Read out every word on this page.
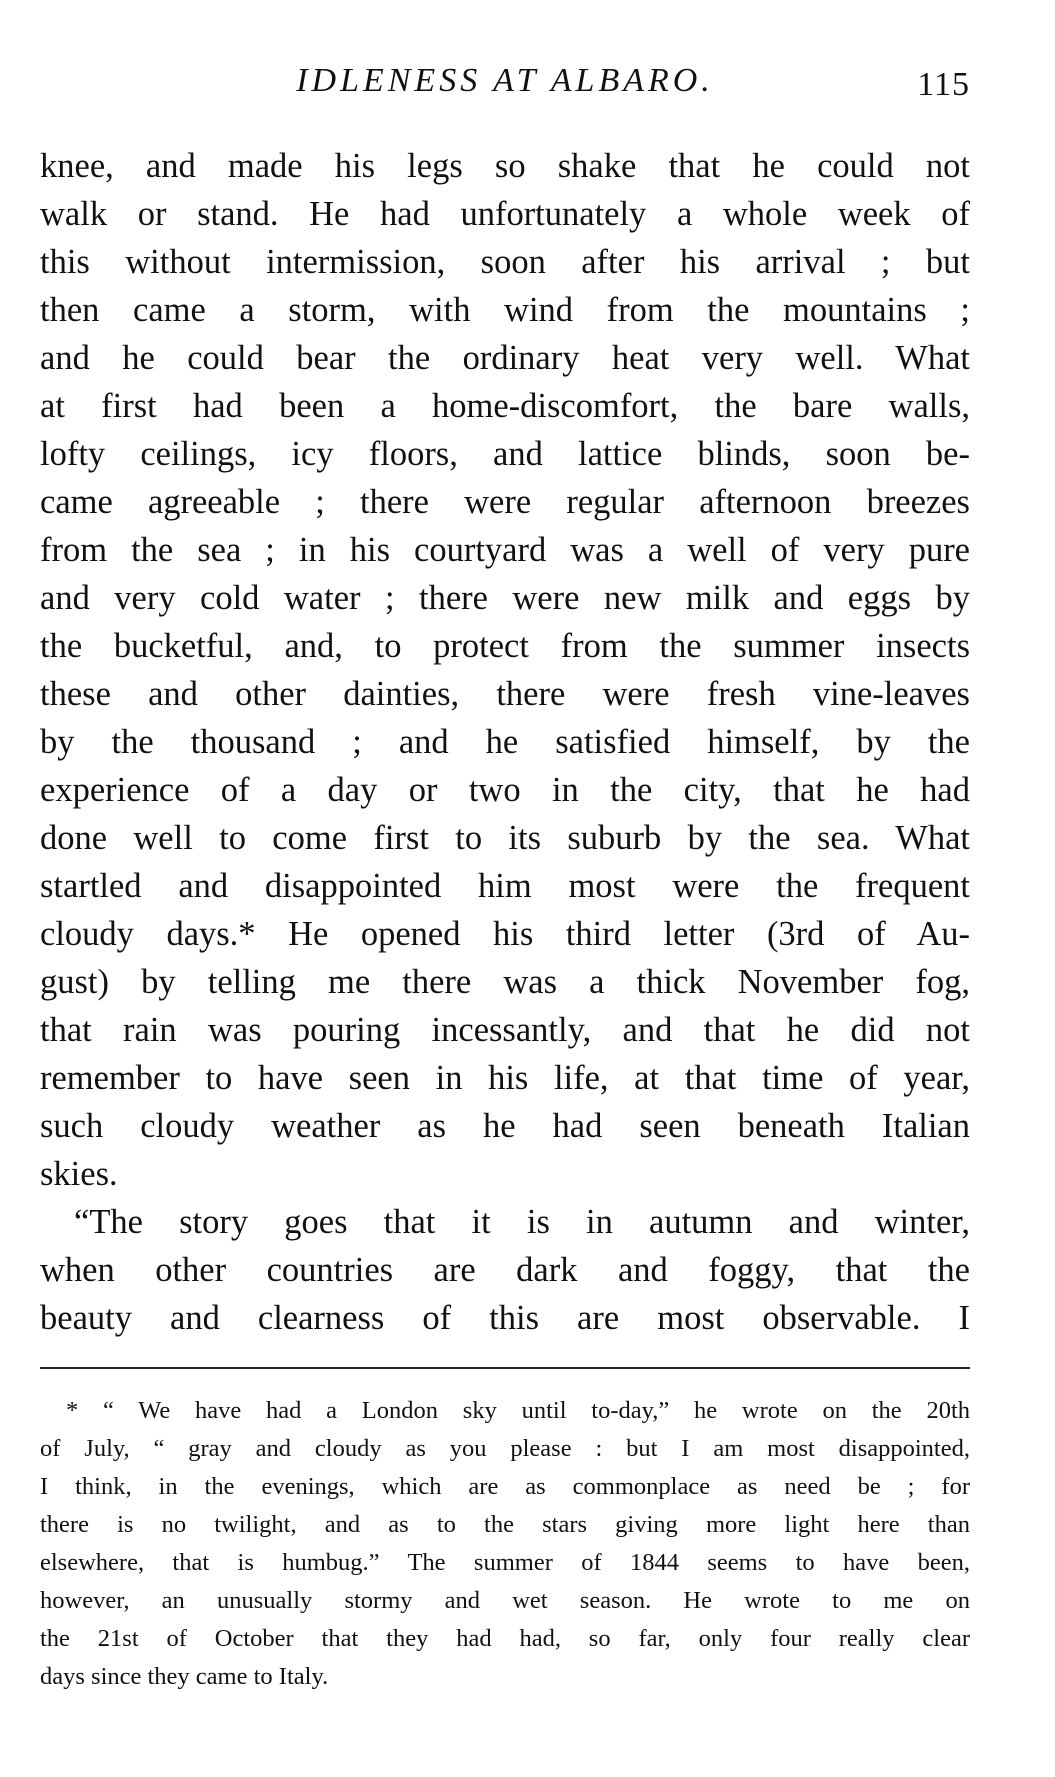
IDLENESS AT ALBARO.	115
knee, and made his legs so shake that he could not
walk or stand. He had unfortunately a whole week of
this without intermission, soon after his arrival ; but
then came a storm, with wind from the mountains ;
and he could bear the ordinary heat very well. What
at first had been a home-discomfort, the bare walls,
lofty ceilings, icy floors, and lattice blinds, soon be-
came agreeable ; there were regular afternoon breezes
from the sea ; in his courtyard was a well of very pure
and very cold water ; there were new milk and eggs by
the bucketful, and, to protect from the summer insects
these and other dainties, there were fresh vine-leaves
by the thousand ; and he satisfied himself, by the
experience of a day or two in the city, that he had
done well to come first to its suburb by the sea. What
startled and disappointed him most were the frequent
cloudy days.* He opened his third letter (3rd of Au-
gust) by telling me there was a thick November fog,
that rain was pouring incessantly, and that he did not
remember to have seen in his life, at that time of year,
such cloudy weather as he had seen beneath Italian
skies.
“The story goes that it is in autumn and winter,
when other countries are dark and foggy, that the
beauty and clearness of this are most observable. I
* “ We have had a London sky until to-day,” he wrote on the 20th
of July, “ gray and cloudy as you please : but I am most disappointed,
I think, in the evenings, which are as commonplace as need be ; for
there is no twilight, and as to the stars giving more light here than
elsewhere, that is humbug.” The summer of 1844 seems to have been,
however, an unusually stormy and wet season. He wrote to me on
the 21st of October that they had had, so far, only four really clear
days since they came to Italy.
